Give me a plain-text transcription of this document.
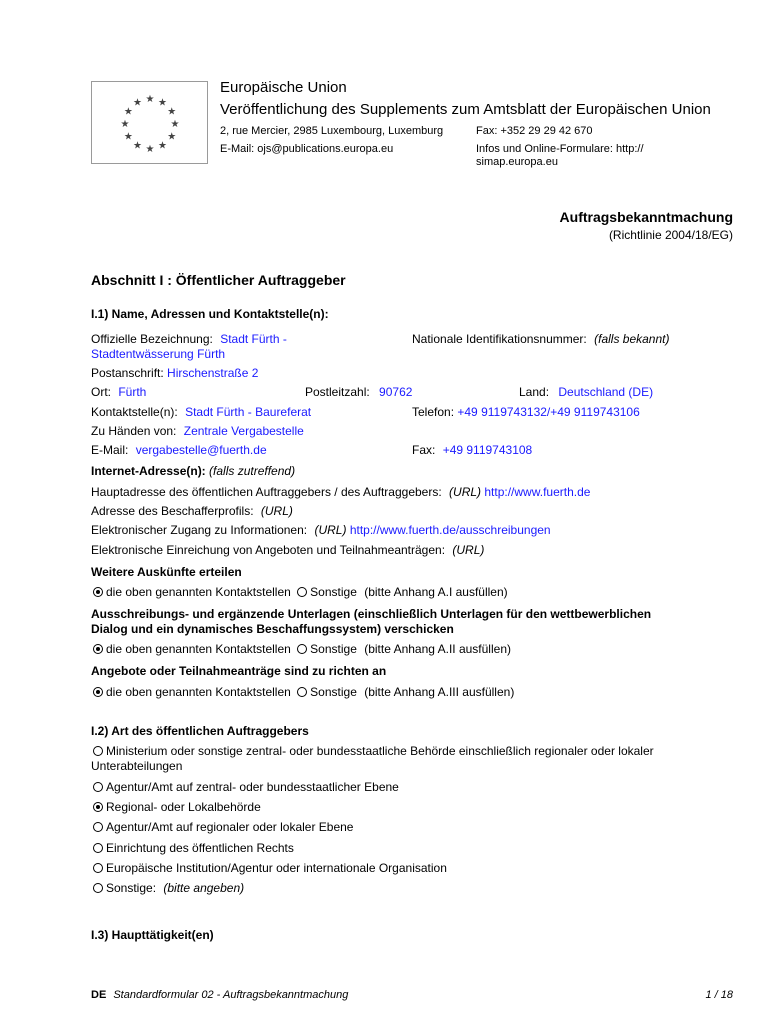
★ ★
★
★
★
★
★
★
★
★
★
★
Europäische Union
Veröffentlichung des Supplements zum Amtsblatt der Europäischen Union
2, rue Mercier, 2985 Luxembourg, Luxemburg	Fax: +352 29 29 42 670
E-Mail: ojs@publications.europa.eu	Infos und Online-Formulare: http://
simap.europa.eu
Auftragsbekanntmachung
(Richtlinie 2004/18/EG)
Abschnitt I : Öffentlicher Auftraggeber
I.1) Name, Adressen und Kontaktstelle(n):
Offizielle Bezeichnung: Stadt Fürth -
Stadtentwässerung Fürth
Nationale Identifikationsnummer: (falls bekannt)
Postanschrift: Hirschenstraße 2
Ort: Fürth	Postleitzahl: 90762	Land: Deutschland (DE)
Kontaktstelle(n): Stadt Fürth - Baureferat	Telefon: +49 9119743132/+49 9119743106
Zu Händen von: Zentrale Vergabestelle
E-Mail: vergabestelle@fuerth.de	Fax: +49 9119743108
Internet-Adresse(n): (falls zutreffend)
Hauptadresse des öffentlichen Auftraggebers / des Auftraggebers: (URL) http://www.fuerth.de
Adresse des Beschafferprofils: (URL)
Elektronischer Zugang zu Informationen: (URL) http://www.fuerth.de/ausschreibungen
Elektronische Einreichung von Angeboten und Teilnahmeanträgen: (URL)
Weitere Auskünfte erteilen
die oben genannten Kontaktstellen Sonstige (bitte Anhang A.I ausfüllen)
Ausschreibungs- und ergänzende Unterlagen (einschließlich Unterlagen für den wettbewerblichen
Dialog und ein dynamisches Beschaffungssystem) verschicken
die oben genannten Kontaktstellen Sonstige (bitte Anhang A.II ausfüllen)
Angebote oder Teilnahmeanträge sind zu richten an
die oben genannten Kontaktstellen Sonstige (bitte Anhang A.III ausfüllen)
I.2) Art des öffentlichen Auftraggebers
Ministerium oder sonstige zentral- oder bundesstaatliche Behörde einschließlich regionaler oder lokaler
Unterabteilungen
Agentur/Amt auf zentral- oder bundesstaatlicher Ebene
Regional- oder Lokalbehörde
Agentur/Amt auf regionaler oder lokaler Ebene
Einrichtung des öffentlichen Rechts
Europäische Institution/Agentur oder internationale Organisation
Sonstige: (bitte angeben)
I.3) Haupttätigkeit(en)
DE Standardformular 02 - Auftragsbekanntmachung	1 / 18
